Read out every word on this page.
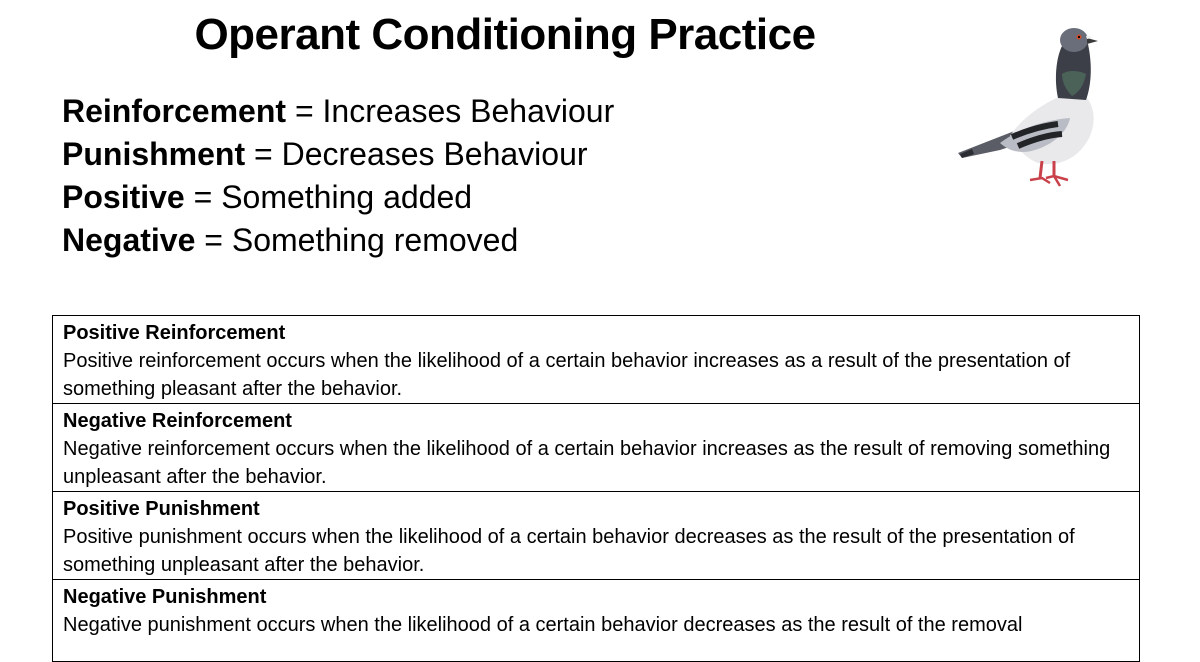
Operant Conditioning Practice
Reinforcement = Increases Behaviour
Punishment = Decreases Behaviour
Positive = Something added
Negative = Something removed
Positive Reinforcement
Positive reinforcement occurs when the likelihood of a certain behavior increases as a result of the presentation of something pleasant after the behavior.

Negative Reinforcement
Negative reinforcement occurs when the likelihood of a certain behavior increases as the result of removing something unpleasant after the behavior.

Positive Punishment
Positive punishment occurs when the likelihood of a certain behavior decreases as the result of the presentation of something unpleasant after the behavior.

Negative Punishment
Negative punishment occurs when the likelihood of a certain behavior decreases as the result of the removal
